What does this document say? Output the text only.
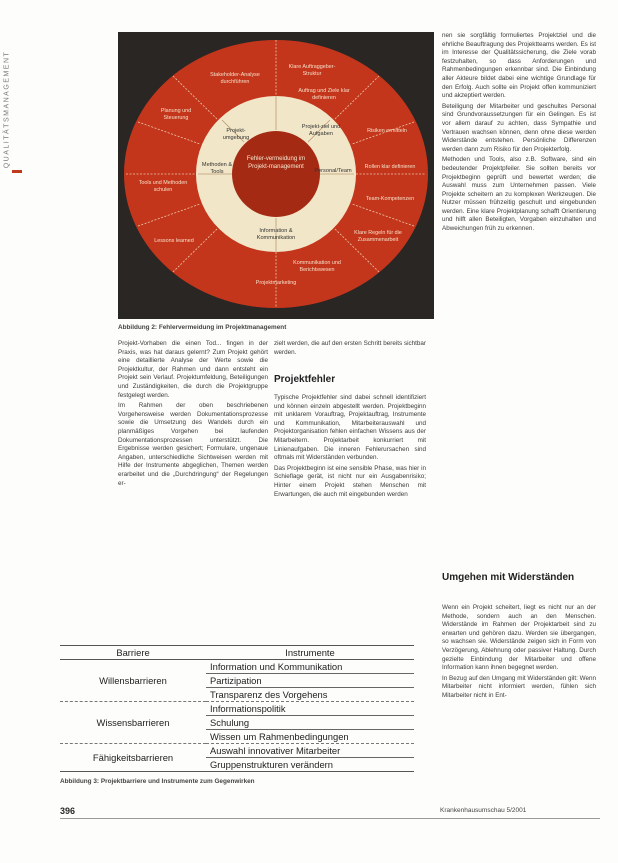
QUALITÄTSMANAGEMENT	Fehler-vermeidung im Projekt-management
Projekt-umgebung
Projekt-ziel und Aufgaben
Personal/Team
Information & Kommunikation
Methoden & Tools
Stakeholder-Analyse durchführen
Klare Auftraggeber-Struktur
Auftrag und Ziele klar definieren
Risiken ermitteln
Rollen klar definieren
Team-Kompetenzen
Klare Regeln für die Zusammenarbeit
Kommunikation und Berichtswesen
Projektmarketing
Lessons learned
Tools und Methoden schulen
Planung und Steuerung
Abbildung 2: Fehlervermeidung im Projektmanagement

Projekt-Vorhaben die einen Tod... fingen in der Praxis, was hat daraus gelernt? Zum Projekt gehört eine detaillierte Analyse der Werte sowie die Projektkultur, der Rahmen und dann entsteht ein Projekt sein Verlauf. Projektumfeldung, Beteiligungen und Zuständigkeiten, die durch die Projektgruppe festgelegt werden.

Im Rahmen der oben beschriebenen Vorgehensweise werden Dokumentationsprozesse sowie die Umsetzung des Wandels durch ein planmäßiges Vorgehen bei laufenden Dokumentationsprozessen unterstützt. Die Ergebnisse werden gesichert; Formulare, ungenaue Angaben, unterschiedliche Sichtweisen werden mit Hilfe der Instrumente abgeglichen, Themen werden erarbeitet und die „Durchdringung“ der Regelungen er-

zielt werden, die auf den ersten Schritt bereits sichtbar werden.

Projektfehler

Typische Projektfehler sind dabei schnell identifiziert und können einzeln abgestellt werden. Projektbeginn mit unklarem Vorauftrag, Projektauftrag, Instrumente und Kommunikation, Mitarbeiterauswahl und Projektorganisation fehlen einfachen Wissens aus der Mitarbeitern. Projektarbeit konkurriert mit Linienaufgaben. Die inneren Fehlerursachen sind oftmals mit Widerständen verbunden.

Das Projektbeginn ist eine sensible Phase, was hier in Schieflage gerät, ist nicht nur ein Ausgabenrisiko; Hinter einem Projekt stehen Menschen mit Erwartungen, die auch mit eingebunden werden

nen sie sorgfältig formuliertes Projektziel und die ehrliche Beauftragung des Projektteams werden. Es ist im Interesse der Qualitätssicherung, die Ziele vorab festzuhalten, so dass Anforderungen und Rahmenbedingungen erkennbar sind. Die Einbindung aller Akteure bildet dabei eine wichtige Grundlage für den Erfolg. Auch sollte ein Projekt offen kommuniziert und akzeptiert werden.

Beteiligung der Mitarbeiter und geschultes Personal sind Grundvoraussetzungen für ein Gelingen. Es ist vor allem darauf zu achten, dass Sympathie und Vertrauen wachsen können, denn ohne diese werden Widerstände entstehen. Persönliche Differenzen werden dann zum Risiko für den Projekterfolg.

Methoden und Tools, also z.B. Software, sind ein bedeutender Projektpfeiler. Sie sollten bereits vor Projektbeginn geprüft und bewertet werden; die Auswahl muss zum Unternehmen passen. Viele Projekte scheitern an zu komplexen Werkzeugen. Die Nutzer müssen frühzeitig geschult und eingebunden werden. Eine klare Projektplanung schafft Orientierung und hilft allen Beteiligten, Vorgaben einzuhalten und Abweichungen früh zu erkennen.

Umgehen mit Widerständen

Wenn ein Projekt scheitert, liegt es nicht nur an der Methode, sondern auch an den Menschen. Widerstände im Rahmen der Projektarbeit sind zu erwarten und gehören dazu. Werden sie übergangen, so wachsen sie. Widerstände zeigen sich in Form von Verzögerung, Ablehnung oder passiver Haltung. Durch gezielte Einbindung der Mitarbeiter und offene Information kann ihnen begegnet werden.

In Bezug auf den Umgang mit Widerständen gilt: Wenn Mitarbeiter nicht informiert werden, fühlen sich Mitarbeiter nicht in Ent-

Barriere	Instrumente
Willensbarrieren	Information und Kommunikation
	Partizipation
	Transparenz des Vorgehens
Wissensbarrieren	Informationspolitik
	Schulung
	Wissen um Rahmenbedingungen
Fähigkeitsbarrieren	Auswahl innovativer Mitarbeiter
	Gruppenstrukturen verändern
Abbildung 3: Projektbarriere und Instrumente zum Gegenwirken
396	Krankenhausumschau 5/2001
